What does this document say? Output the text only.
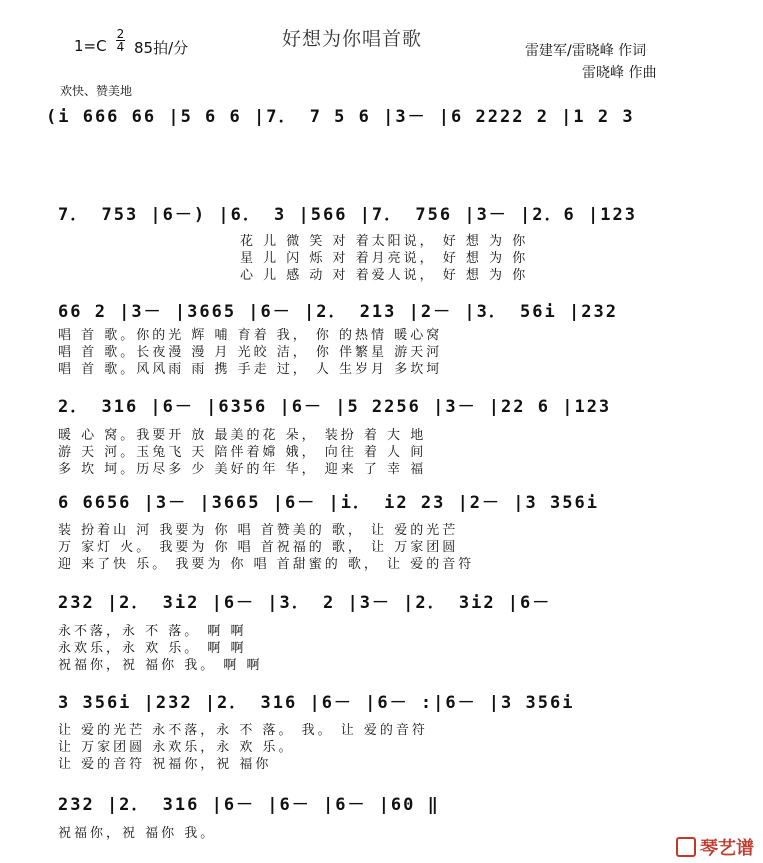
1=C
2
4 85拍/分	好想为你唱首歌
雷建军/雷晓峰 作词
雷晓峰 作曲
欢快、赞美地
(i 666 66 |5 6 6 |7． 7 5 6 |3－ |6 2222 2 |1 2 3
7． 753 |6－) |6． 3 |566 |7． 756 |3－ |2．6 |123
花 儿 微 笑 对 着太阳说， 好 想 为 你
星 儿 闪 烁 对 着月亮说， 好 想 为 你
心 儿 感 动 对 着爱人说， 好 想 为 你
66 2 |3－ |3665 |6－ |2． 213 |2－ |3． 56i |232
唱 首 歌。你的光 辉 哺 育着 我， 你 的热情 暖心窝
唱 首 歌。长夜漫 漫 月 光皎 洁， 你 伴繁星 游天河
唱 首 歌。风风雨 雨 携 手走 过， 人 生岁月 多坎坷
2． 316 |6－ |6356 |6－ |5 2256 |3－ |22 6 |123
暖 心 窝。我要开 放 最美的花 朵， 装扮 着 大 地
游 天 河。玉兔飞 天 陪伴着嫦 娥， 向往 着 人 间
多 坎 坷。历尽多 少 美好的年 华， 迎来 了 幸 福
6 6656 |3－ |3665 |6－ |i． i2 23 |2－ |3 356i
装 扮着山 河 我要为 你 唱 首赞美的 歌， 让 爱的光芒
万 家灯 火。 我要为 你 唱 首祝福的 歌， 让 万家团圆
迎 来了快 乐。 我要为 你 唱 首甜蜜的 歌， 让 爱的音符
232 |2． 3i2 |6－ |3． 2 |3－ |2． 3i2 |6－
永不落，永 不 落。 啊 啊
永欢乐，永 欢 乐。 啊 啊
祝福你，祝 福你 我。 啊 啊
3 356i |232 |2． 316 |6－ |6－ :|6－ |3 356i
让 爱的光芒 永不落，永 不 落。 我。 让 爱的音符
让 万家团圆 永欢乐，永 欢 乐。
让 爱的音符 祝福你，祝 福你
232 |2． 316 |6－ |6－ |6－ |60 ‖
祝福你，祝 福你 我。
琴艺谱
